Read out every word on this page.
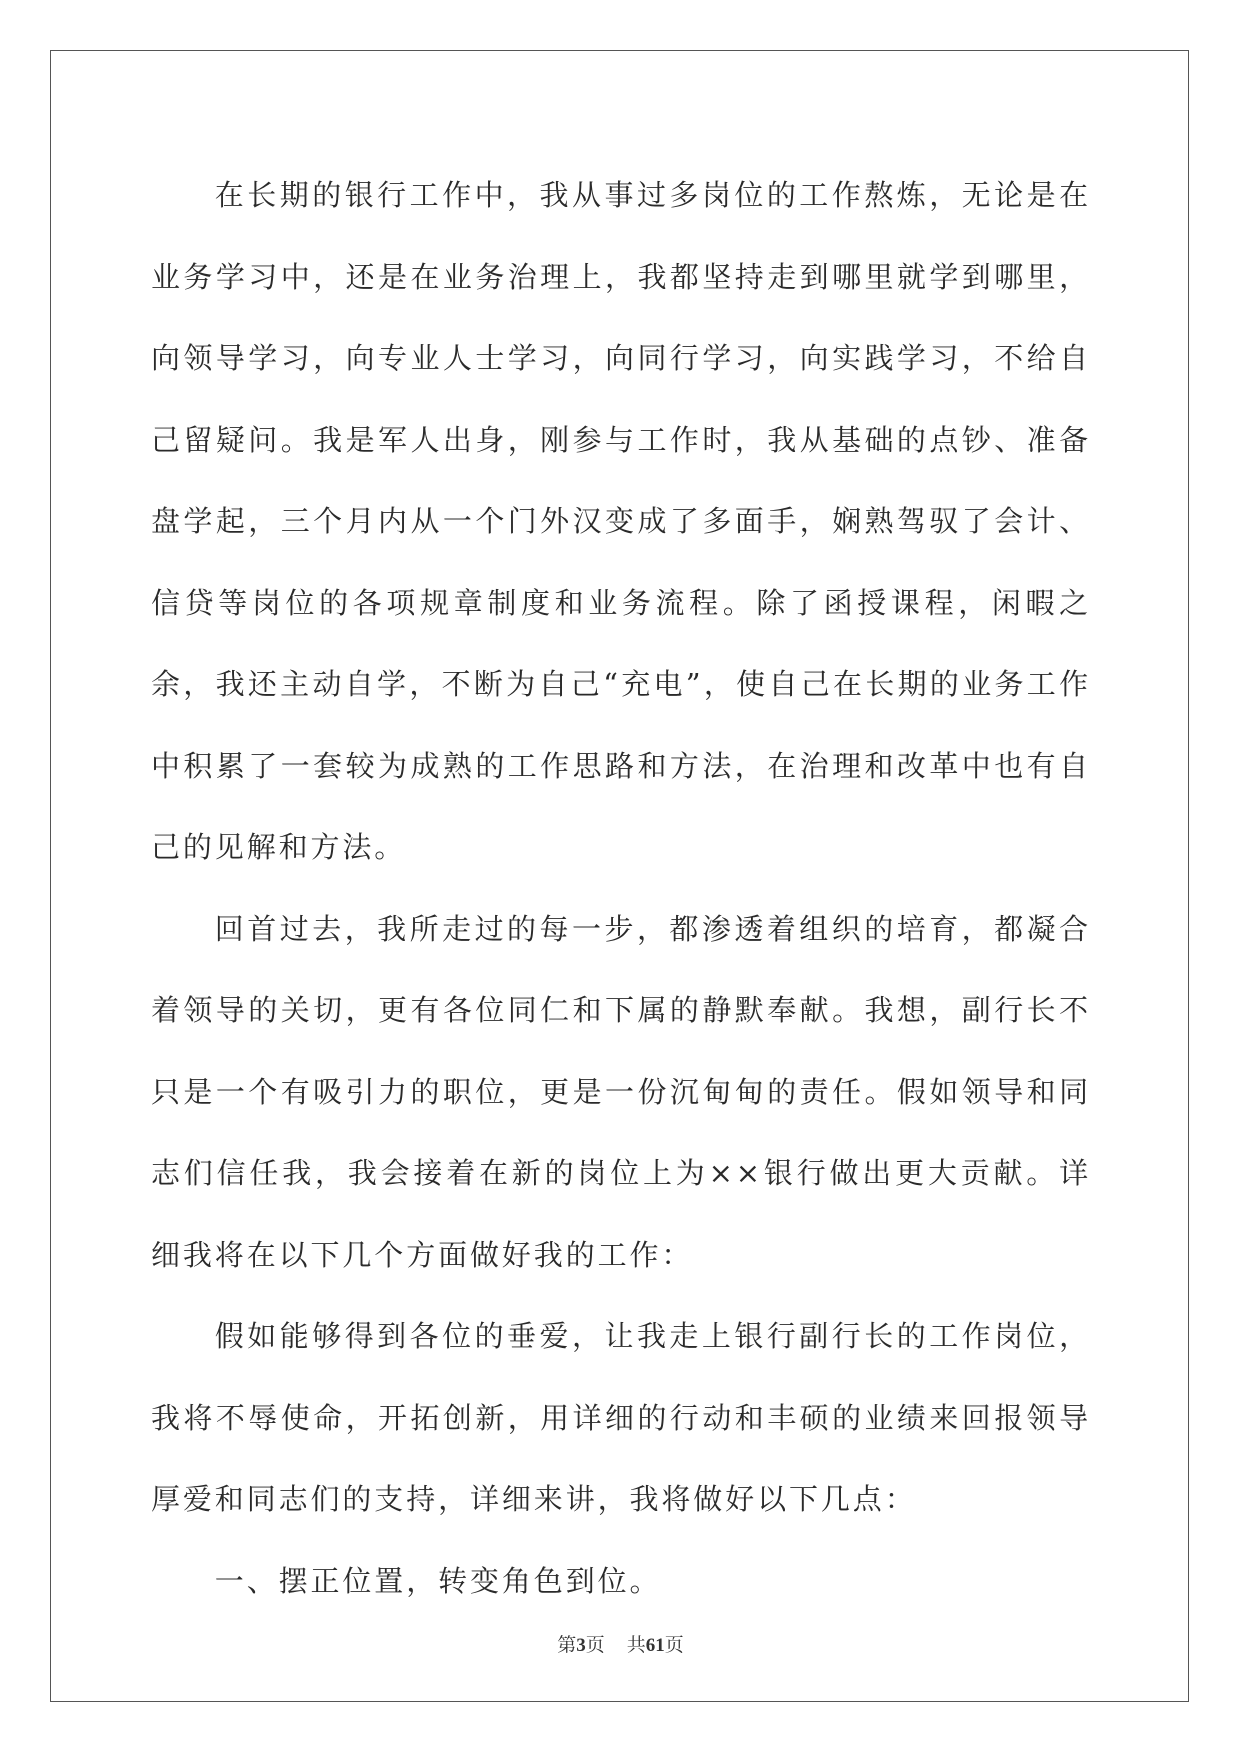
在长期的银行工作中，我从事过多岗位的工作熬炼，无论是在业务学习中，还是在业务治理上，我都坚持走到哪里就学到哪里，向领导学习，向专业人士学习，向同行学习，向实践学习，不给自己留疑问。我是军人出身，刚参与工作时，我从基础的点钞、准备盘学起，三个月内从一个门外汉变成了多面手，娴熟驾驭了会计、信贷等岗位的各项规章制度和业务流程。除了函授课程，闲暇之余，我还主动自学，不断为自己“充电”，使自己在长期的业务工作中积累了一套较为成熟的工作思路和方法，在治理和改革中也有自己的见解和方法。

回首过去，我所走过的每一步，都渗透着组织的培育，都凝合着领导的关切，更有各位同仁和下属的静默奉献。我想，副行长不只是一个有吸引力的职位，更是一份沉甸甸的责任。假如领导和同志们信任我，我会接着在新的岗位上为××银行做出更大贡献。详细我将在以下几个方面做好我的工作：

假如能够得到各位的垂爱，让我走上银行副行长的工作岗位，我将不辱使命，开拓创新，用详细的行动和丰硕的业绩来回报领导厚爱和同志们的支持，详细来讲，我将做好以下几点：

一、摆正位置，转变角色到位。

第3页 共61页
